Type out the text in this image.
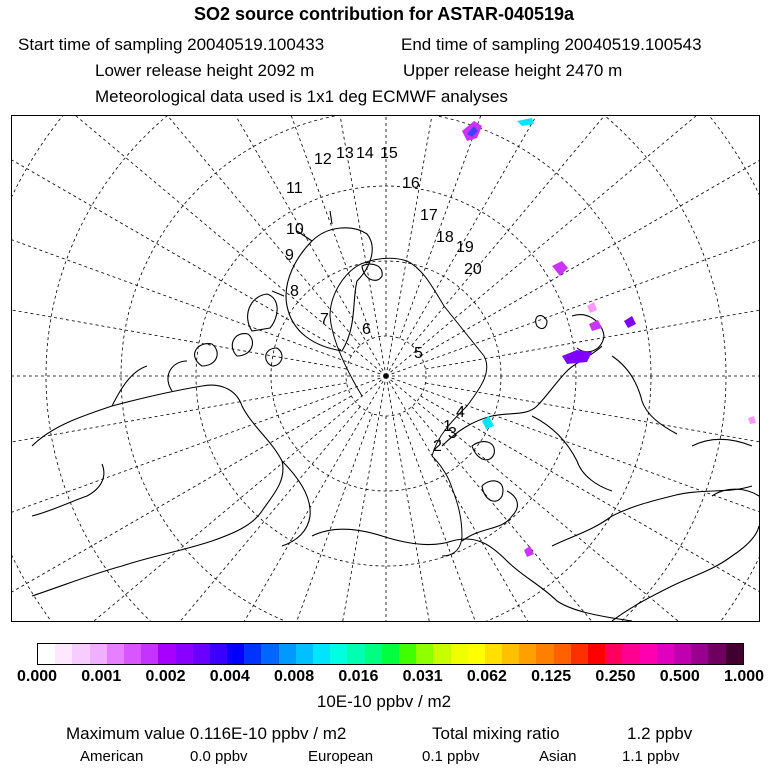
SO2 source contribution for ASTAR-040519a
Start time of sampling 20040519.100433	End time of sampling 20040519.100543
Lower release height 2092 m	Upper release height 2470 m
Meteorological data used is 1x1 deg ECMWF analyses
1
2
3
4
5
6
7
8
9
10
11
12 13 14 15
16
17
18
19
20
0.000 0.001 0.002 0.004 0.008 0.016 0.031 0.062 0.125 0.250 0.500 1.000
10E-10 ppbv / m2
Maximum value 0.116E-10 ppbv / m2	Total mixing ratio	1.2 ppbv
American	0.0 ppbv	European	0.1 ppbv	Asian	1.1 ppbv
